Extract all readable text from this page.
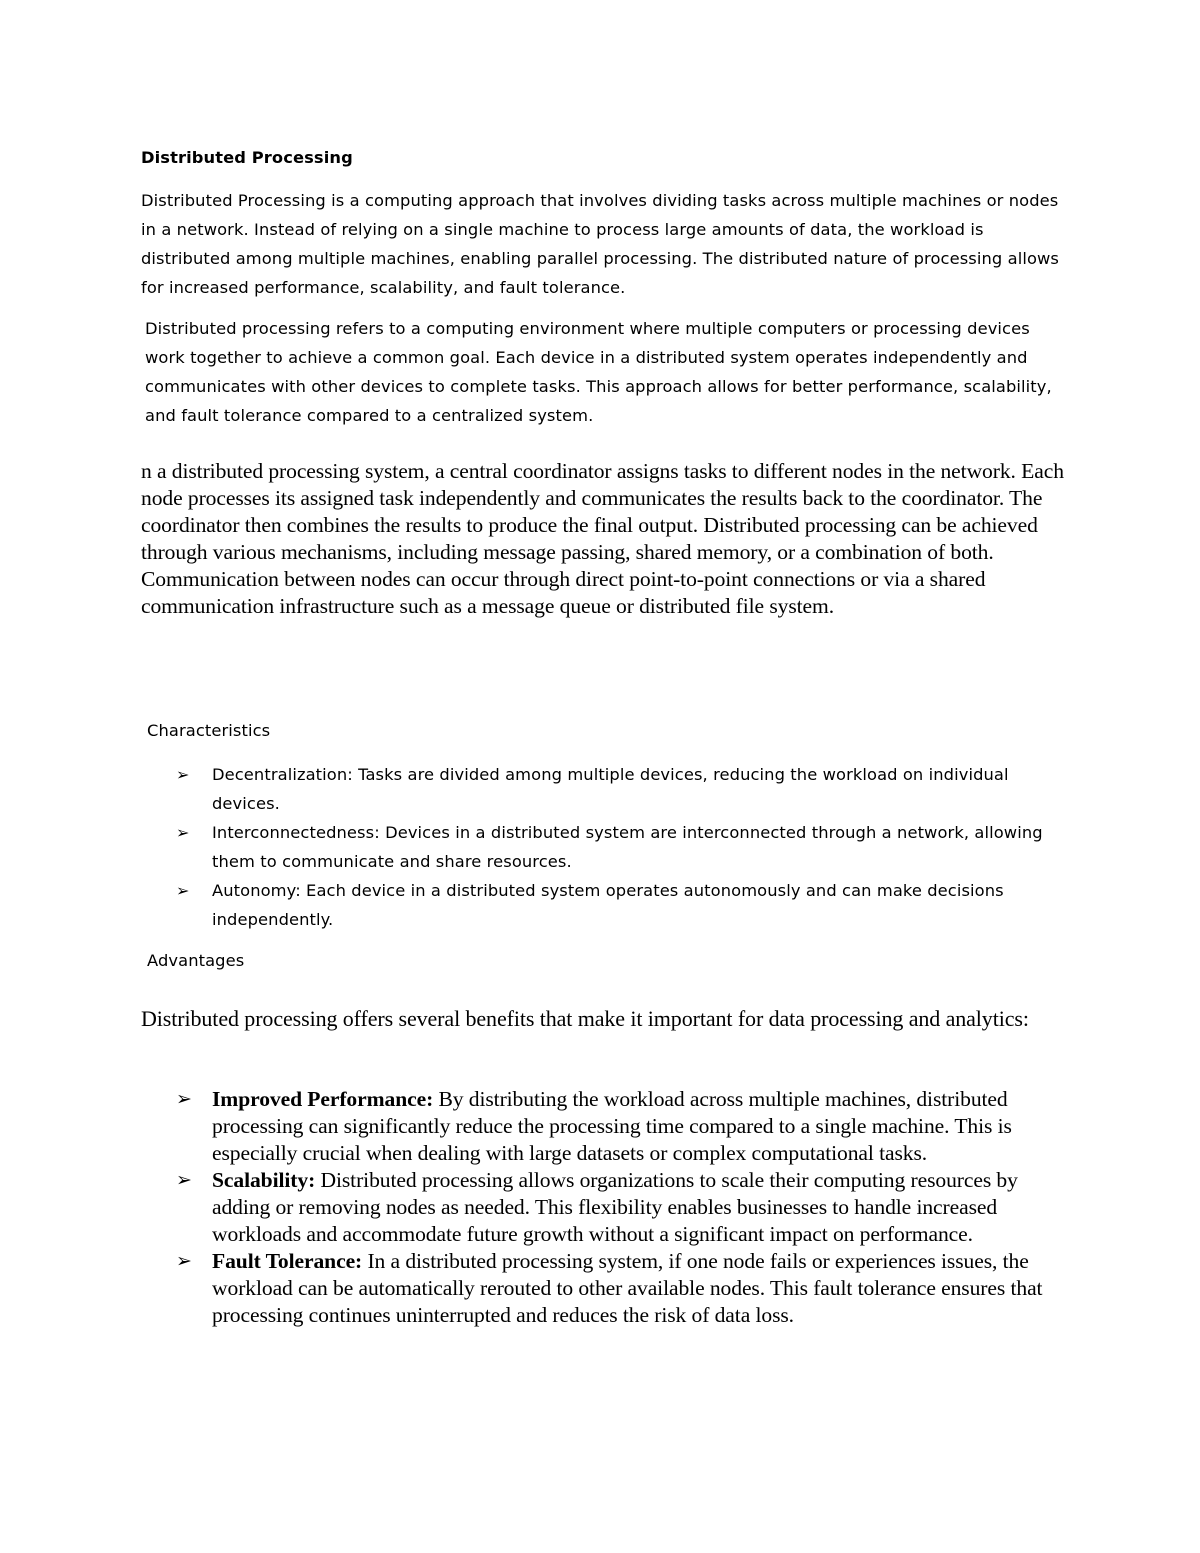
Distributed Processing
Distributed Processing is a computing approach that involves dividing tasks across multiple machines or nodes in a network. Instead of relying on a single machine to process large amounts of data, the workload is distributed among multiple machines, enabling parallel processing. The distributed nature of processing allows for increased performance, scalability, and fault tolerance.
Distributed processing refers to a computing environment where multiple computers or processing devices work together to achieve a common goal. Each device in a distributed system operates independently and communicates with other devices to complete tasks. This approach allows for better performance, scalability, and fault tolerance compared to a centralized system.
n a distributed processing system, a central coordinator assigns tasks to different nodes in the network. Each node processes its assigned task independently and communicates the results back to the coordinator. The coordinator then combines the results to produce the final output. Distributed processing can be achieved through various mechanisms, including message passing, shared memory, or a combination of both. Communication between nodes can occur through direct point-to-point connections or via a shared communication infrastructure such as a message queue or distributed file system.
Characteristics
➢ Decentralization: Tasks are divided among multiple devices, reducing the workload on individual devices.
➢ Interconnectedness: Devices in a distributed system are interconnected through a network, allowing them to communicate and share resources.
➢ Autonomy: Each device in a distributed system operates autonomously and can make decisions independently.
Advantages
Distributed processing offers several benefits that make it important for data processing and analytics:
➢ Improved Performance: By distributing the workload across multiple machines, distributed processing can significantly reduce the processing time compared to a single machine. This is especially crucial when dealing with large datasets or complex computational tasks.
➢ Scalability: Distributed processing allows organizations to scale their computing resources by adding or removing nodes as needed. This flexibility enables businesses to handle increased workloads and accommodate future growth without a significant impact on performance.
➢ Fault Tolerance: In a distributed processing system, if one node fails or experiences issues, the workload can be automatically rerouted to other available nodes. This fault tolerance ensures that processing continues uninterrupted and reduces the risk of data loss.
